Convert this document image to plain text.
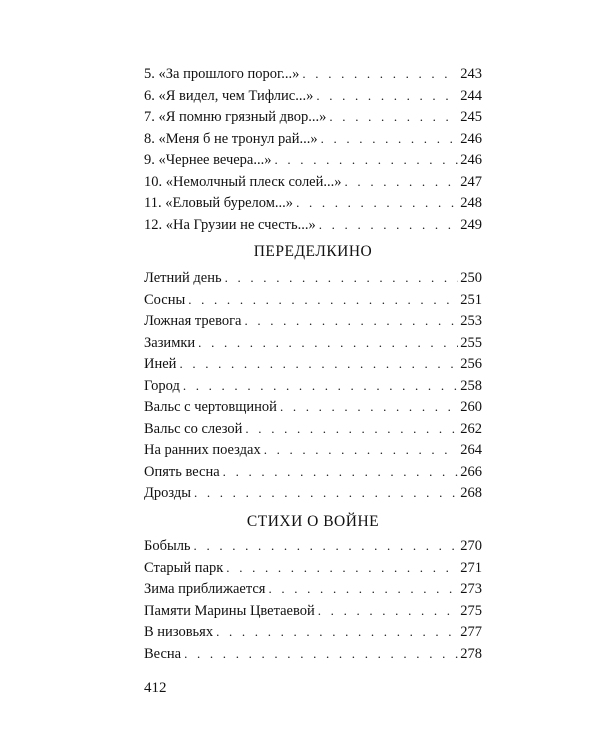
5. «За прошлого порог...» . . .	243
6. «Я видел, чем Тифлис...» . . .	244
7. «Я помню грязный двор...» . . .	245
8. «Меня б не тронул рай...» . . .	246
9. «Чернее вечера...» . . .	246
10. «Немолчный плеск солей...» . . .	247
11. «Еловый бурелом...» . . .	248
12. «На Грузии не счесть...» . . .	249
ПЕРЕДЕЛКИНО
Летний день . . .	250
Сосны . . .	251
Ложная тревога . . .	253
Зазимки . . .	255
Иней . . .	256
Город . . .	258
Вальс с чертовщиной . . .	260
Вальс со слезой . . .	262
На ранних поездах . . .	264
Опять весна . . .	266
Дрозды . . .	268
СТИХИ О ВОЙНЕ
Бобыль . . .	270
Старый парк . . .	271
Зима приближается . . .	273
Памяти Марины Цветаевой . . .	275
В низовьях . . .	277
Весна . . .	278
412
